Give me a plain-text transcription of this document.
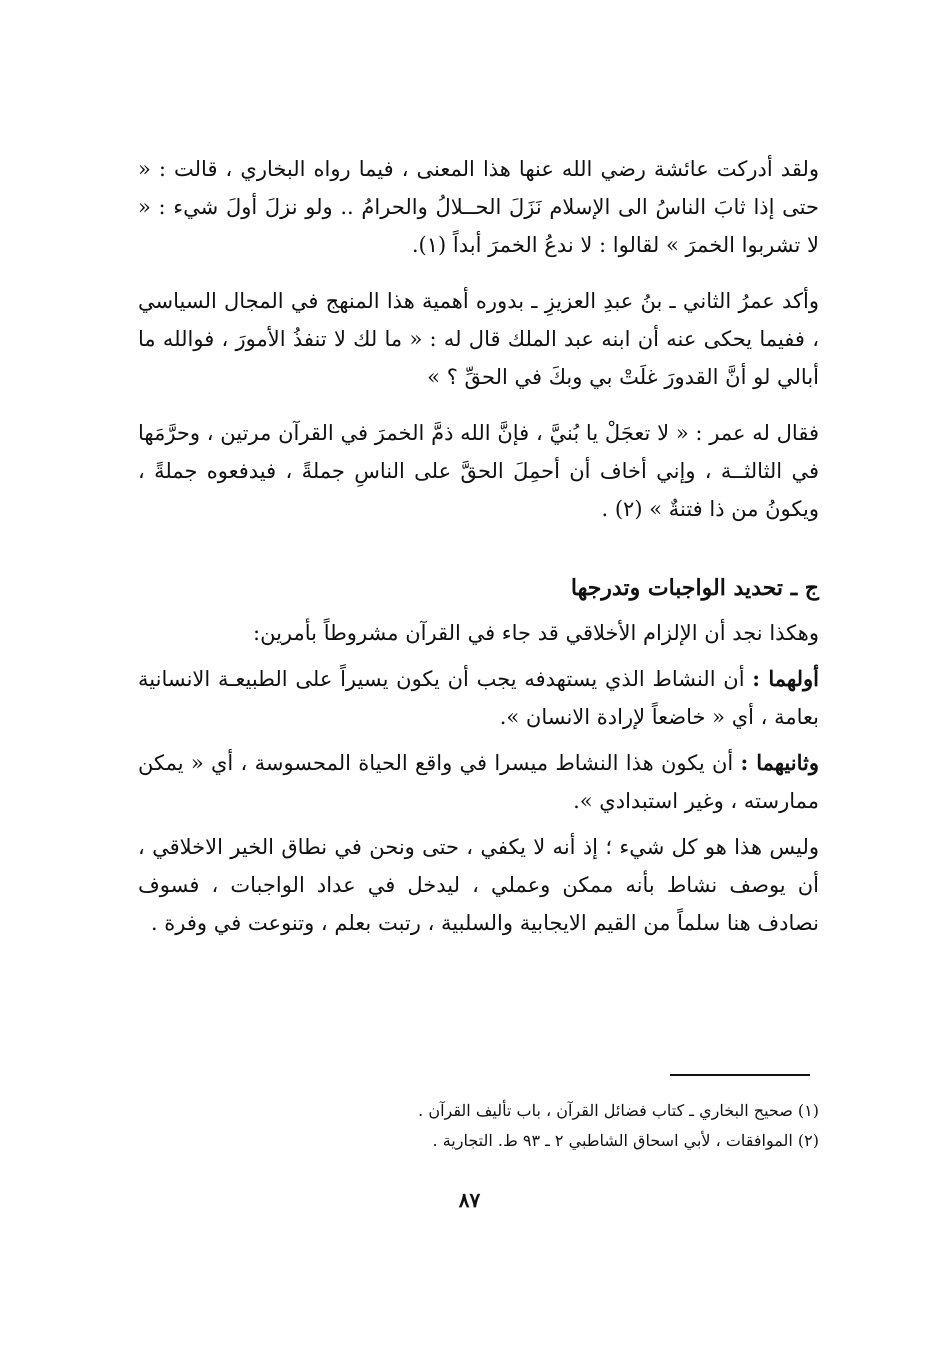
ولقد أدركت عائشة رضي الله عنها هذا المعنى ، فيما رواه البخاري ، قالت : « حتى إذا ثابَ الناسُ الى الإسلام نَزَلَ الحــلالُ والحرامُ .. ولو نزلَ أولَ شيء : « لا تشربوا الخمرَ » لقالوا : لا ندعُ الخمرَ أبداً (١).

وأكد عمرُ الثاني ـ بنُ عبدِ العزيزِ ـ بدوره أهمية هذا المنهج في المجال السياسي ، ففيما يحكى عنه أن ابنه عبد الملك قال له : « ما لك لا تنفذُ الأمورَ ، فوالله ما أبالي لو أنَّ القدورَ غلَتْ بي وبكَ في الحقِّ ؟ »

فقال له عمر : « لا تعجَلْ يا بُنيَّ ، فإنَّ الله ذمَّ الخمرَ في القرآن مرتين ، وحرَّمَها في الثالثــة ، وإني أخاف أن أحمِلَ الحقَّ على الناسِ جملةً ، فيدفعوه جملةً ، ويكونُ من ذا فتنةٌ » (٢) .

ج ـ تحديد الواجبات وتدرجها

وهكذا نجد أن الإلزام الأخلاقي قد جاء في القرآن مشروطاً بأمرين:

أولهما : أن النشاط الذي يستهدفه يجب أن يكون يسيراً على الطبيعـة الانسانية بعامة ، أي « خاضعاً لإرادة الانسان ».

وثانيهما : أن يكون هذا النشاط ميسرا في واقع الحياة المحسوسة ، أي « يمكن ممارسته ، وغير استبدادي ».

وليس هذا هو كل شيء ؛ إذ أنه لا يكفي ، حتى ونحن في نطاق الخير الاخلاقي ، أن يوصف نشاط بأنه ممكن وعملي ، ليدخل في عداد الواجبات ، فسوف نصادف هنا سلماً من القيم الايجابية والسلبية ، رتبت بعلم ، وتنوعت في وفرة .

(١) صحيح البخاري ـ كتاب فضائل القرآن ، باب تأليف القرآن .

(٢) الموافقات ، لأبي اسحاق الشاطبي ٢ ـ ٩٣ ط. التجارية .

٨٧
